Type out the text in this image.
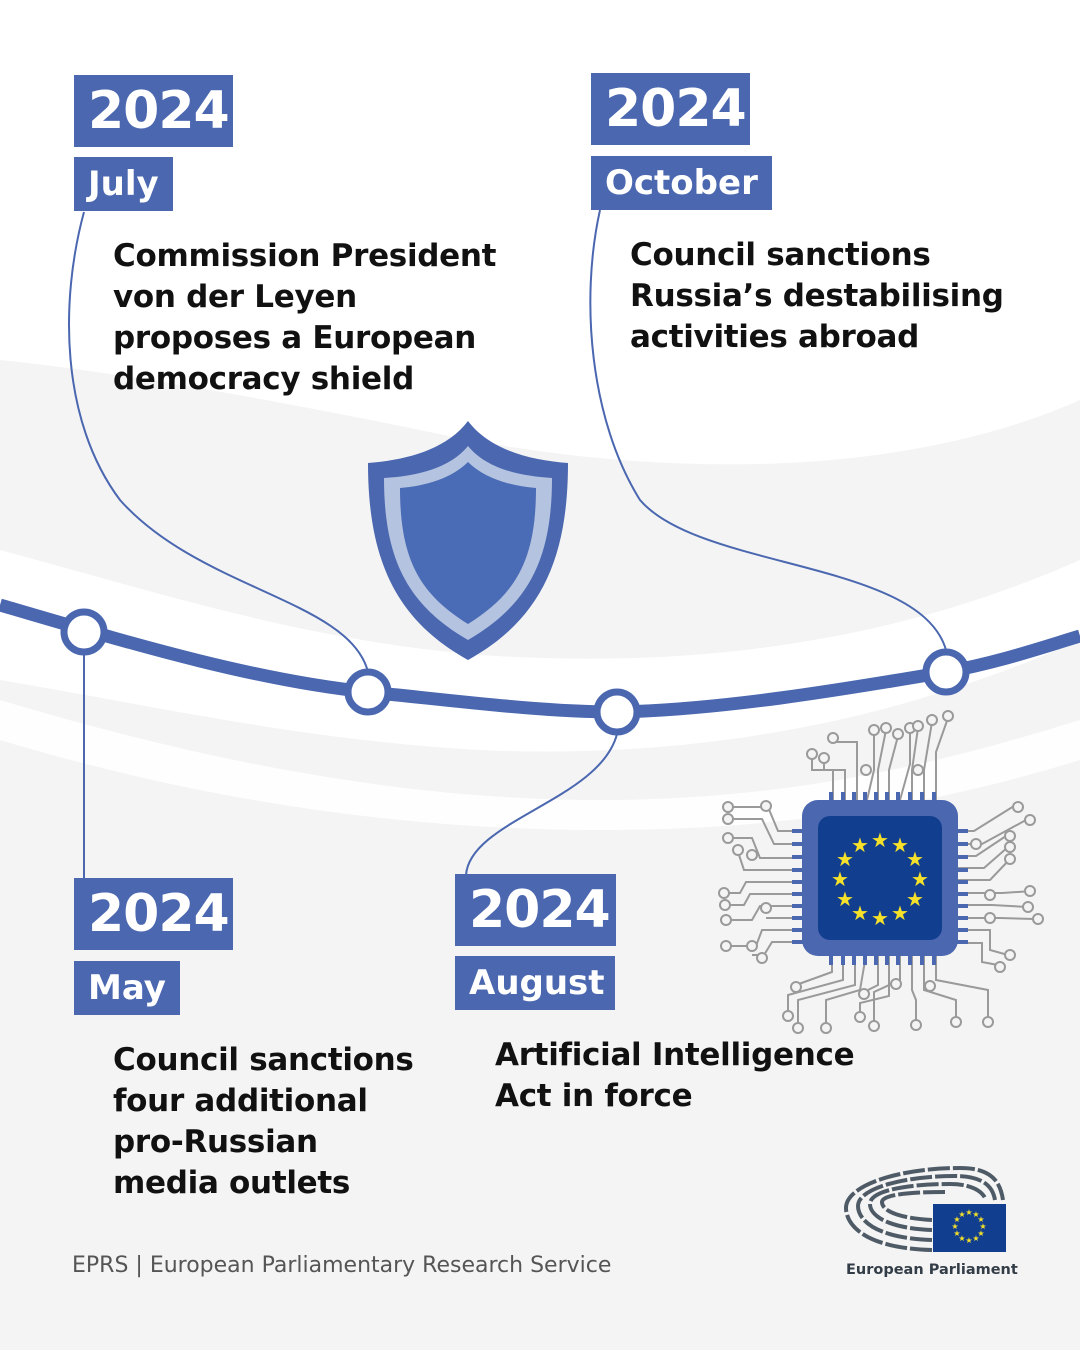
★ ★
★
★
★
★
★
★
★
★
★
★
★ ★
★
★
★
★
★
★
★
★
★
★
2024
July
Commission President
von der Leyen
proposes a European
democracy shield
2024
October
Council sanctions
Russia’s destabilising
activities abroad
2024
May
Council sanctions
four additional
pro-Russian
media outlets
2024
August
Artificial Intelligence
Act in force
EPRS | European Parliamentary Research Service	European Parliament
